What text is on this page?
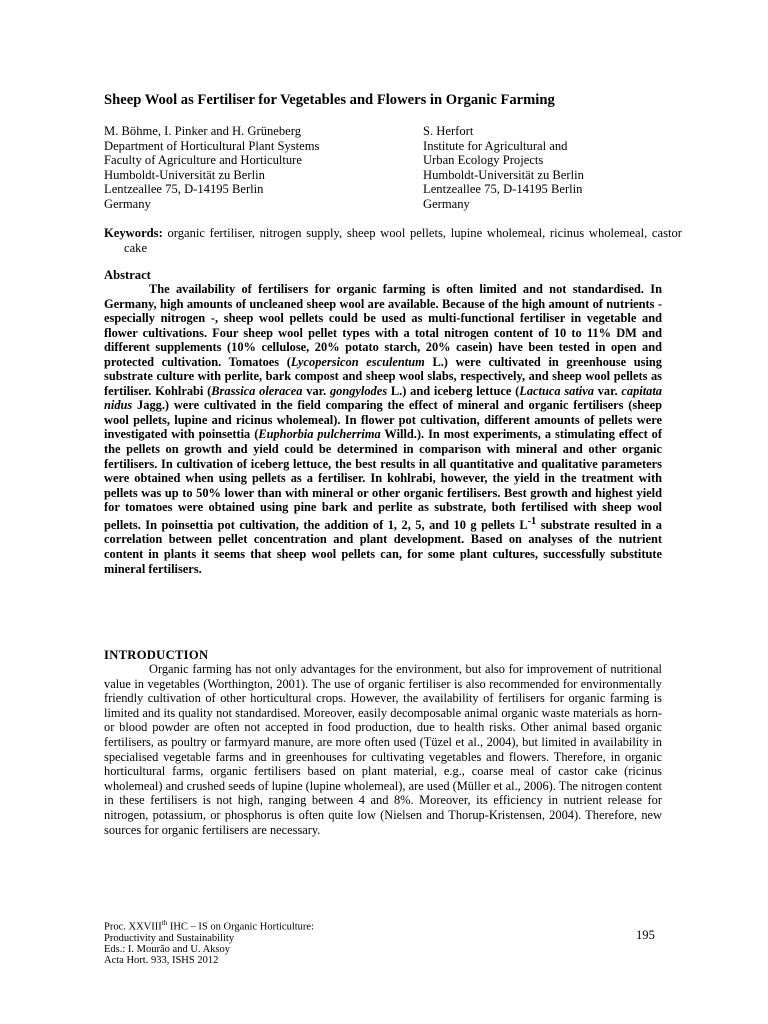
Sheep Wool as Fertiliser for Vegetables and Flowers in Organic Farming
M. Böhme, I. Pinker and H. Grüneberg
Department of Horticultural Plant Systems
Faculty of Agriculture and Horticulture
Humboldt-Universität zu Berlin
Lentzeallee 75, D-14195 Berlin
Germany
S. Herfort
Institute for Agricultural and
Urban Ecology Projects
Humboldt-Universität zu Berlin
Lentzeallee 75, D-14195 Berlin
Germany

Keywords: organic fertiliser, nitrogen supply, sheep wool pellets, lupine wholemeal, ricinus wholemeal, castor cake

Abstract

The availability of fertilisers for organic farming is often limited and not standardised. In Germany, high amounts of uncleaned sheep wool are available. Because of the high amount of nutrients - especially nitrogen -, sheep wool pellets could be used as multi-functional fertiliser in vegetable and flower cultivations. Four sheep wool pellet types with a total nitrogen content of 10 to 11% DM and different supplements (10% cellulose, 20% potato starch, 20% casein) have been tested in open and protected cultivation. Tomatoes (Lycopersicon esculentum L.) were cultivated in greenhouse using substrate culture with perlite, bark compost and sheep wool slabs, respectively, and sheep wool pellets as fertiliser. Kohlrabi (Brassica oleracea var. gongylodes L.) and iceberg lettuce (Lactuca sativa var. capitata nidus Jagg.) were cultivated in the field comparing the effect of mineral and organic fertilisers (sheep wool pellets, lupine and ricinus wholemeal). In flower pot cultivation, different amounts of pellets were investigated with poinsettia (Euphorbia pulcherrima Willd.). In most experiments, a stimulating effect of the pellets on growth and yield could be determined in comparison with mineral and other organic fertilisers. In cultivation of iceberg lettuce, the best results in all quantitative and qualitative parameters were obtained when using pellets as a fertiliser. In kohlrabi, however, the yield in the treatment with pellets was up to 50% lower than with mineral or other organic fertilisers. Best growth and highest yield for tomatoes were obtained using pine bark and perlite as substrate, both fertilised with sheep wool pellets. In poinsettia pot cultivation, the addition of 1, 2, 5, and 10 g pellets $L^{-1}$ substrate resulted in a correlation between pellet concentration and plant development. Based on analyses of the nutrient content in plants it seems that sheep wool pellets can, for some plant cultures, successfully substitute mineral fertilisers.

INTRODUCTION

Organic farming has not only advantages for the environment, but also for improvement of nutritional value in vegetables (Worthington, 2001). The use of organic fertiliser is also recommended for environmentally friendly cultivation of other horticultural crops. However, the availability of fertilisers for organic farming is limited and its quality not standardised. Moreover, easily decomposable animal organic waste materials as horn- or blood powder are often not accepted in food production, due to health risks. Other animal based organic fertilisers, as poultry or farmyard manure, are more often used (Tüzel et al., 2004), but limited in availability in specialised vegetable farms and in greenhouses for cultivating vegetables and flowers. Therefore, in organic horticultural farms, organic fertilisers based on plant material, e.g., coarse meal of castor cake (ricinus wholemeal) and crushed seeds of lupine (lupine wholemeal), are used (Müller et al., 2006). The nitrogen content in these fertilisers is not high, ranging between 4 and 8%. Moreover, its efficiency in nutrient release for nitrogen, potassium, or phosphorus is often quite low (Nielsen and Thorup-Kristensen, 2004). Therefore, new sources for organic fertilisers are necessary.

Proc. XXVIIIth IHC – IS on Organic Horticulture:
Productivity and Sustainability
Eds.: I. Mourão and U. Aksoy
Acta Hort. 933, ISHS 2012
195
